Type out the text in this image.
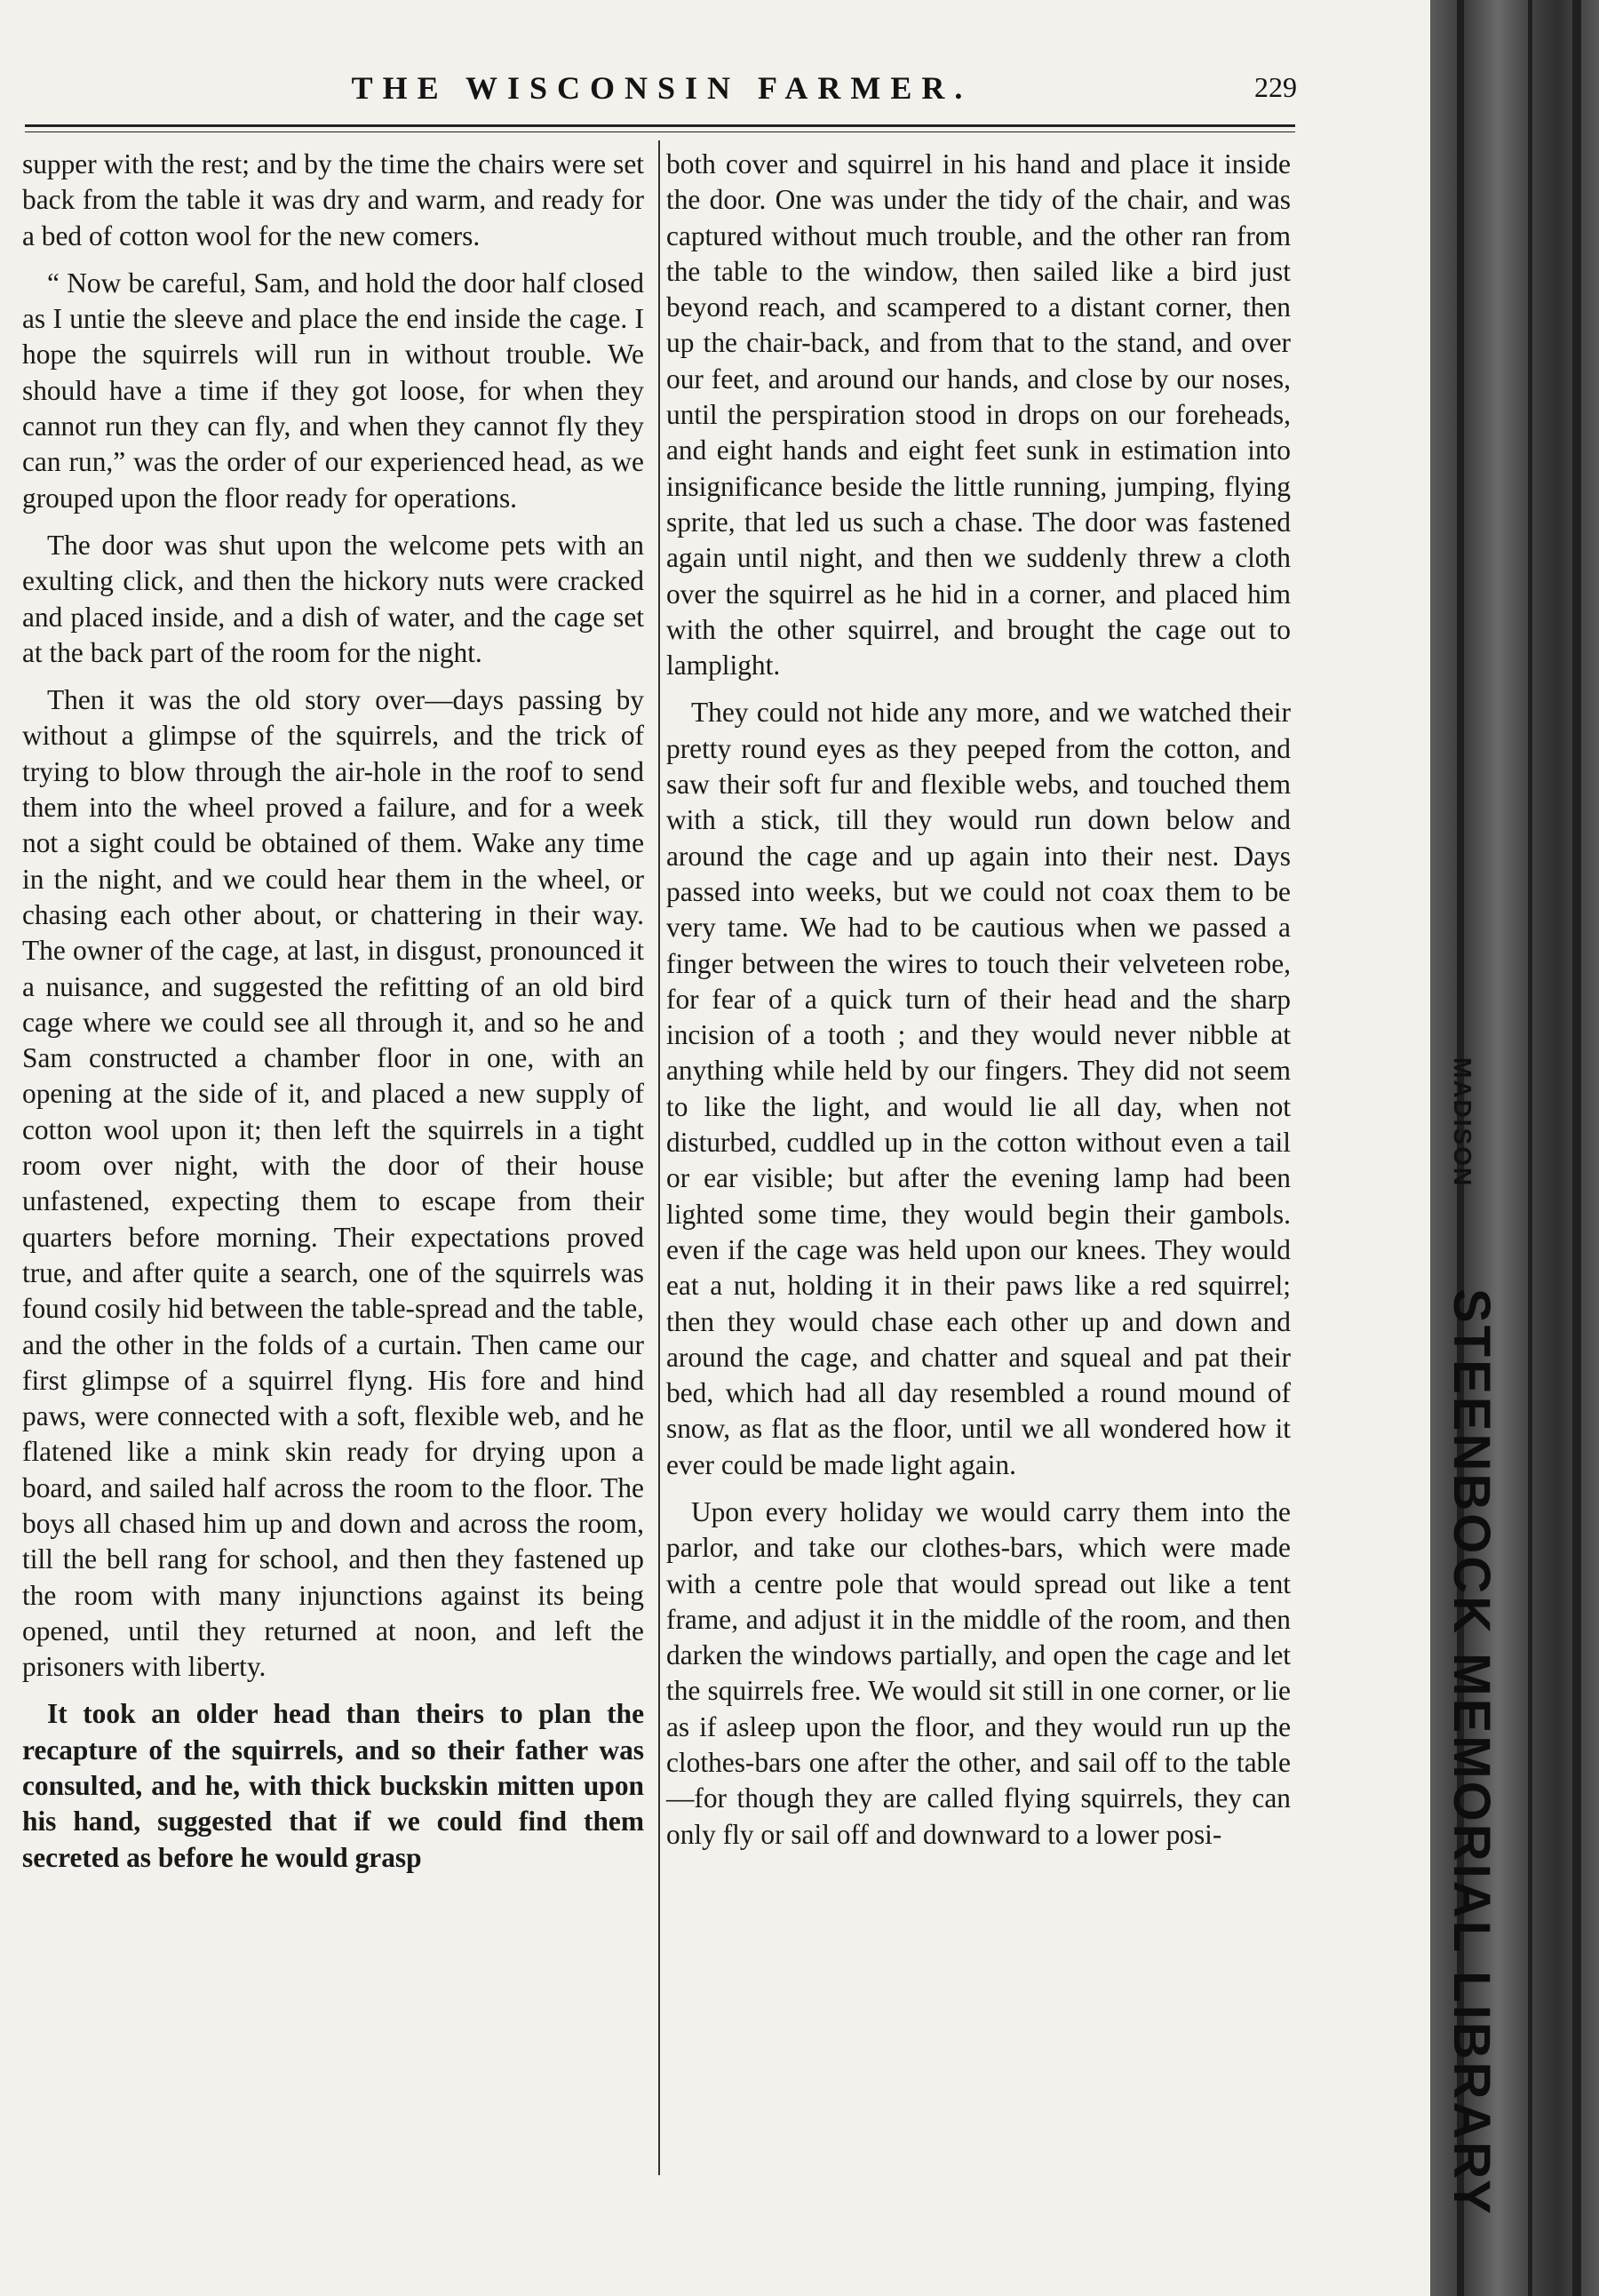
THE WISCONSIN FARMER.	229

supper with the rest; and by the time the chairs were set back from the table it was dry and warm, and ready for a bed of cotton wool for the new comers.

“ Now be careful, Sam, and hold the door half closed as I untie the sleeve and place the end inside the cage. I hope the squirrels will run in without trouble. We should have a time if they got loose, for when they cannot run they can fly, and when they cannot fly they can run,” was the order of our experienced head, as we grouped upon the floor ready for operations.

The door was shut upon the welcome pets with an exulting click, and then the hickory nuts were cracked and placed inside, and a dish of water, and the cage set at the back part of the room for the night.

Then it was the old story over—days passing by without a glimpse of the squirrels, and the trick of trying to blow through the air-hole in the roof to send them into the wheel proved a failure, and for a week not a sight could be obtained of them. Wake any time in the night, and we could hear them in the wheel, or chasing each other about, or chattering in their way. The owner of the cage, at last, in disgust, pronounced it a nuisance, and suggested the refitting of an old bird cage where we could see all through it, and so he and Sam constructed a chamber floor in one, with an opening at the side of it, and placed a new supply of cotton wool upon it; then left the squirrels in a tight room over night, with the door of their house unfastened, expecting them to escape from their quarters before morning. Their expectations proved true, and after quite a search, one of the squirrels was found cosily hid between the table-spread and the table, and the other in the folds of a curtain. Then came our first glimpse of a squirrel flyng. His fore and hind paws, were connected with a soft, flexible web, and he flatened like a mink skin ready for drying upon a board, and sailed half across the room to the floor. The boys all chased him up and down and across the room, till the bell rang for school, and then they fastened up the room with many injunctions against its being opened, until they returned at noon, and left the prisoners with liberty.

It took an older head than theirs to plan the recapture of the squirrels, and so their father was consulted, and he, with thick buckskin mitten upon his hand, suggested that if we could find them secreted as before he would grasp

both cover and squirrel in his hand and place it inside the door. One was under the tidy of the chair, and was captured without much trouble, and the other ran from the table to the window, then sailed like a bird just beyond reach, and scampered to a distant corner, then up the chair-back, and from that to the stand, and over our feet, and around our hands, and close by our noses, until the perspiration stood in drops on our foreheads, and eight hands and eight feet sunk in estimation into insignificance beside the little running, jumping, flying sprite, that led us such a chase. The door was fastened again until night, and then we suddenly threw a cloth over the squirrel as he hid in a corner, and placed him with the other squirrel, and brought the cage out to lamplight.

They could not hide any more, and we watched their pretty round eyes as they peeped from the cotton, and saw their soft fur and flexible webs, and touched them with a stick, till they would run down below and around the cage and up again into their nest. Days passed into weeks, but we could not coax them to be very tame. We had to be cautious when we passed a finger between the wires to touch their velveteen robe, for fear of a quick turn of their head and the sharp incision of a tooth ; and they would never nibble at anything while held by our fingers. They did not seem to like the light, and would lie all day, when not disturbed, cuddled up in the cotton without even a tail or ear visible; but after the evening lamp had been lighted some time, they would begin their gambols. even if the cage was held upon our knees. They would eat a nut, holding it in their paws like a red squirrel; then they would chase each other up and down and around the cage, and chatter and squeal and pat their bed, which had all day resembled a round mound of snow, as flat as the floor, until we all wondered how it ever could be made light again.

Upon every holiday we would carry them into the parlor, and take our clothes-bars, which were made with a centre pole that would spread out like a tent frame, and adjust it in the middle of the room, and then darken the windows partially, and open the cage and let the squirrels free. We would sit still in one corner, or lie as if asleep upon the floor, and they would run up the clothes-bars one after the other, and sail off to the table—for though they are called flying squirrels, they can only fly or sail off and downward to a lower posi-

MADISON
STEENBOCK MEMORIAL LIBRARY
